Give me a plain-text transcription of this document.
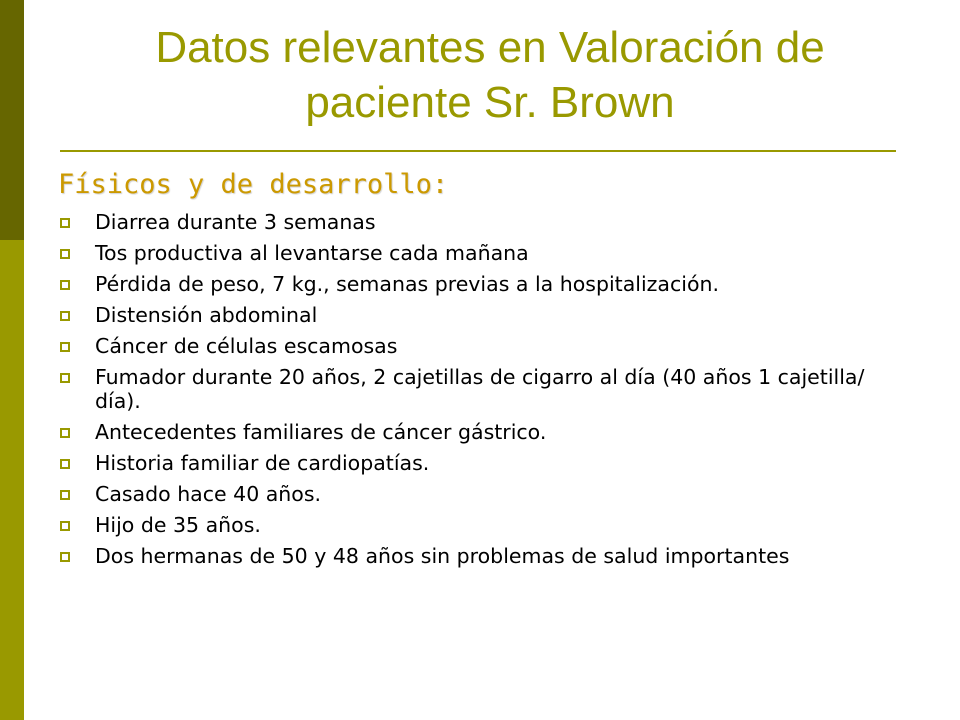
Datos relevantes en Valoración de
paciente Sr. Brown
Físicos y de desarrollo:
Diarrea durante 3 semanas
Tos productiva al levantarse cada mañana
Pérdida de peso, 7 kg., semanas previas a la hospitalización.
Distensión abdominal
Cáncer de células escamosas
Fumador durante 20 años, 2 cajetillas de cigarro al día (40 años 1 cajetilla/ día).
Antecedentes familiares de cáncer gástrico.
Historia familiar de cardiopatías.
Casado hace 40 años.
Hijo de 35 años.
Dos hermanas de 50 y 48 años sin problemas de salud importantes
